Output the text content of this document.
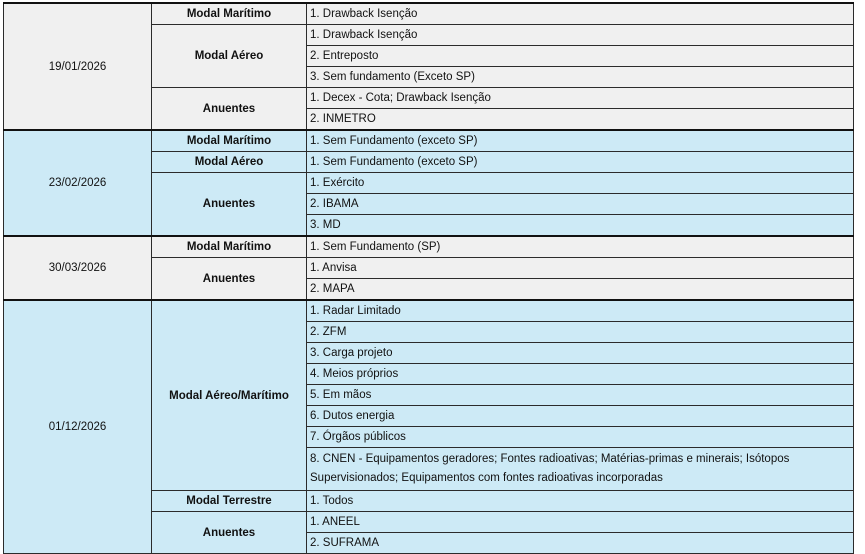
19/01/2026	Modal Marítimo	1. Drawback Isenção
	Modal Aéreo	1. Drawback Isenção
		2. Entreposto
		3. Sem fundamento (Exceto SP)
	Anuentes	1. Decex - Cota; Drawback Isenção
		2. INMETRO
23/02/2026	Modal Marítimo	1. Sem Fundamento (exceto SP)
	Modal Aéreo	1. Sem Fundamento (exceto SP)
	Anuentes	1. Exército
		2. IBAMA
		3. MD
30/03/2026	Modal Marítimo	1. Sem Fundamento (SP)
	Anuentes	1. Anvisa
		2. MAPA
01/12/2026	Modal Aéreo/Marítimo	1. Radar Limitado
		2. ZFM
		3. Carga projeto
		4. Meios próprios
		5. Em mãos
		6. Dutos energia
		7. Órgãos públicos
		8. CNEN - Equipamentos geradores; Fontes radioativas; Matérias-primas e minerais; Isótopos Supervisionados; Equipamentos com fontes radioativas incorporadas
	Modal Terrestre	1. Todos
	Anuentes	1. ANEEL
		2. SUFRAMA
